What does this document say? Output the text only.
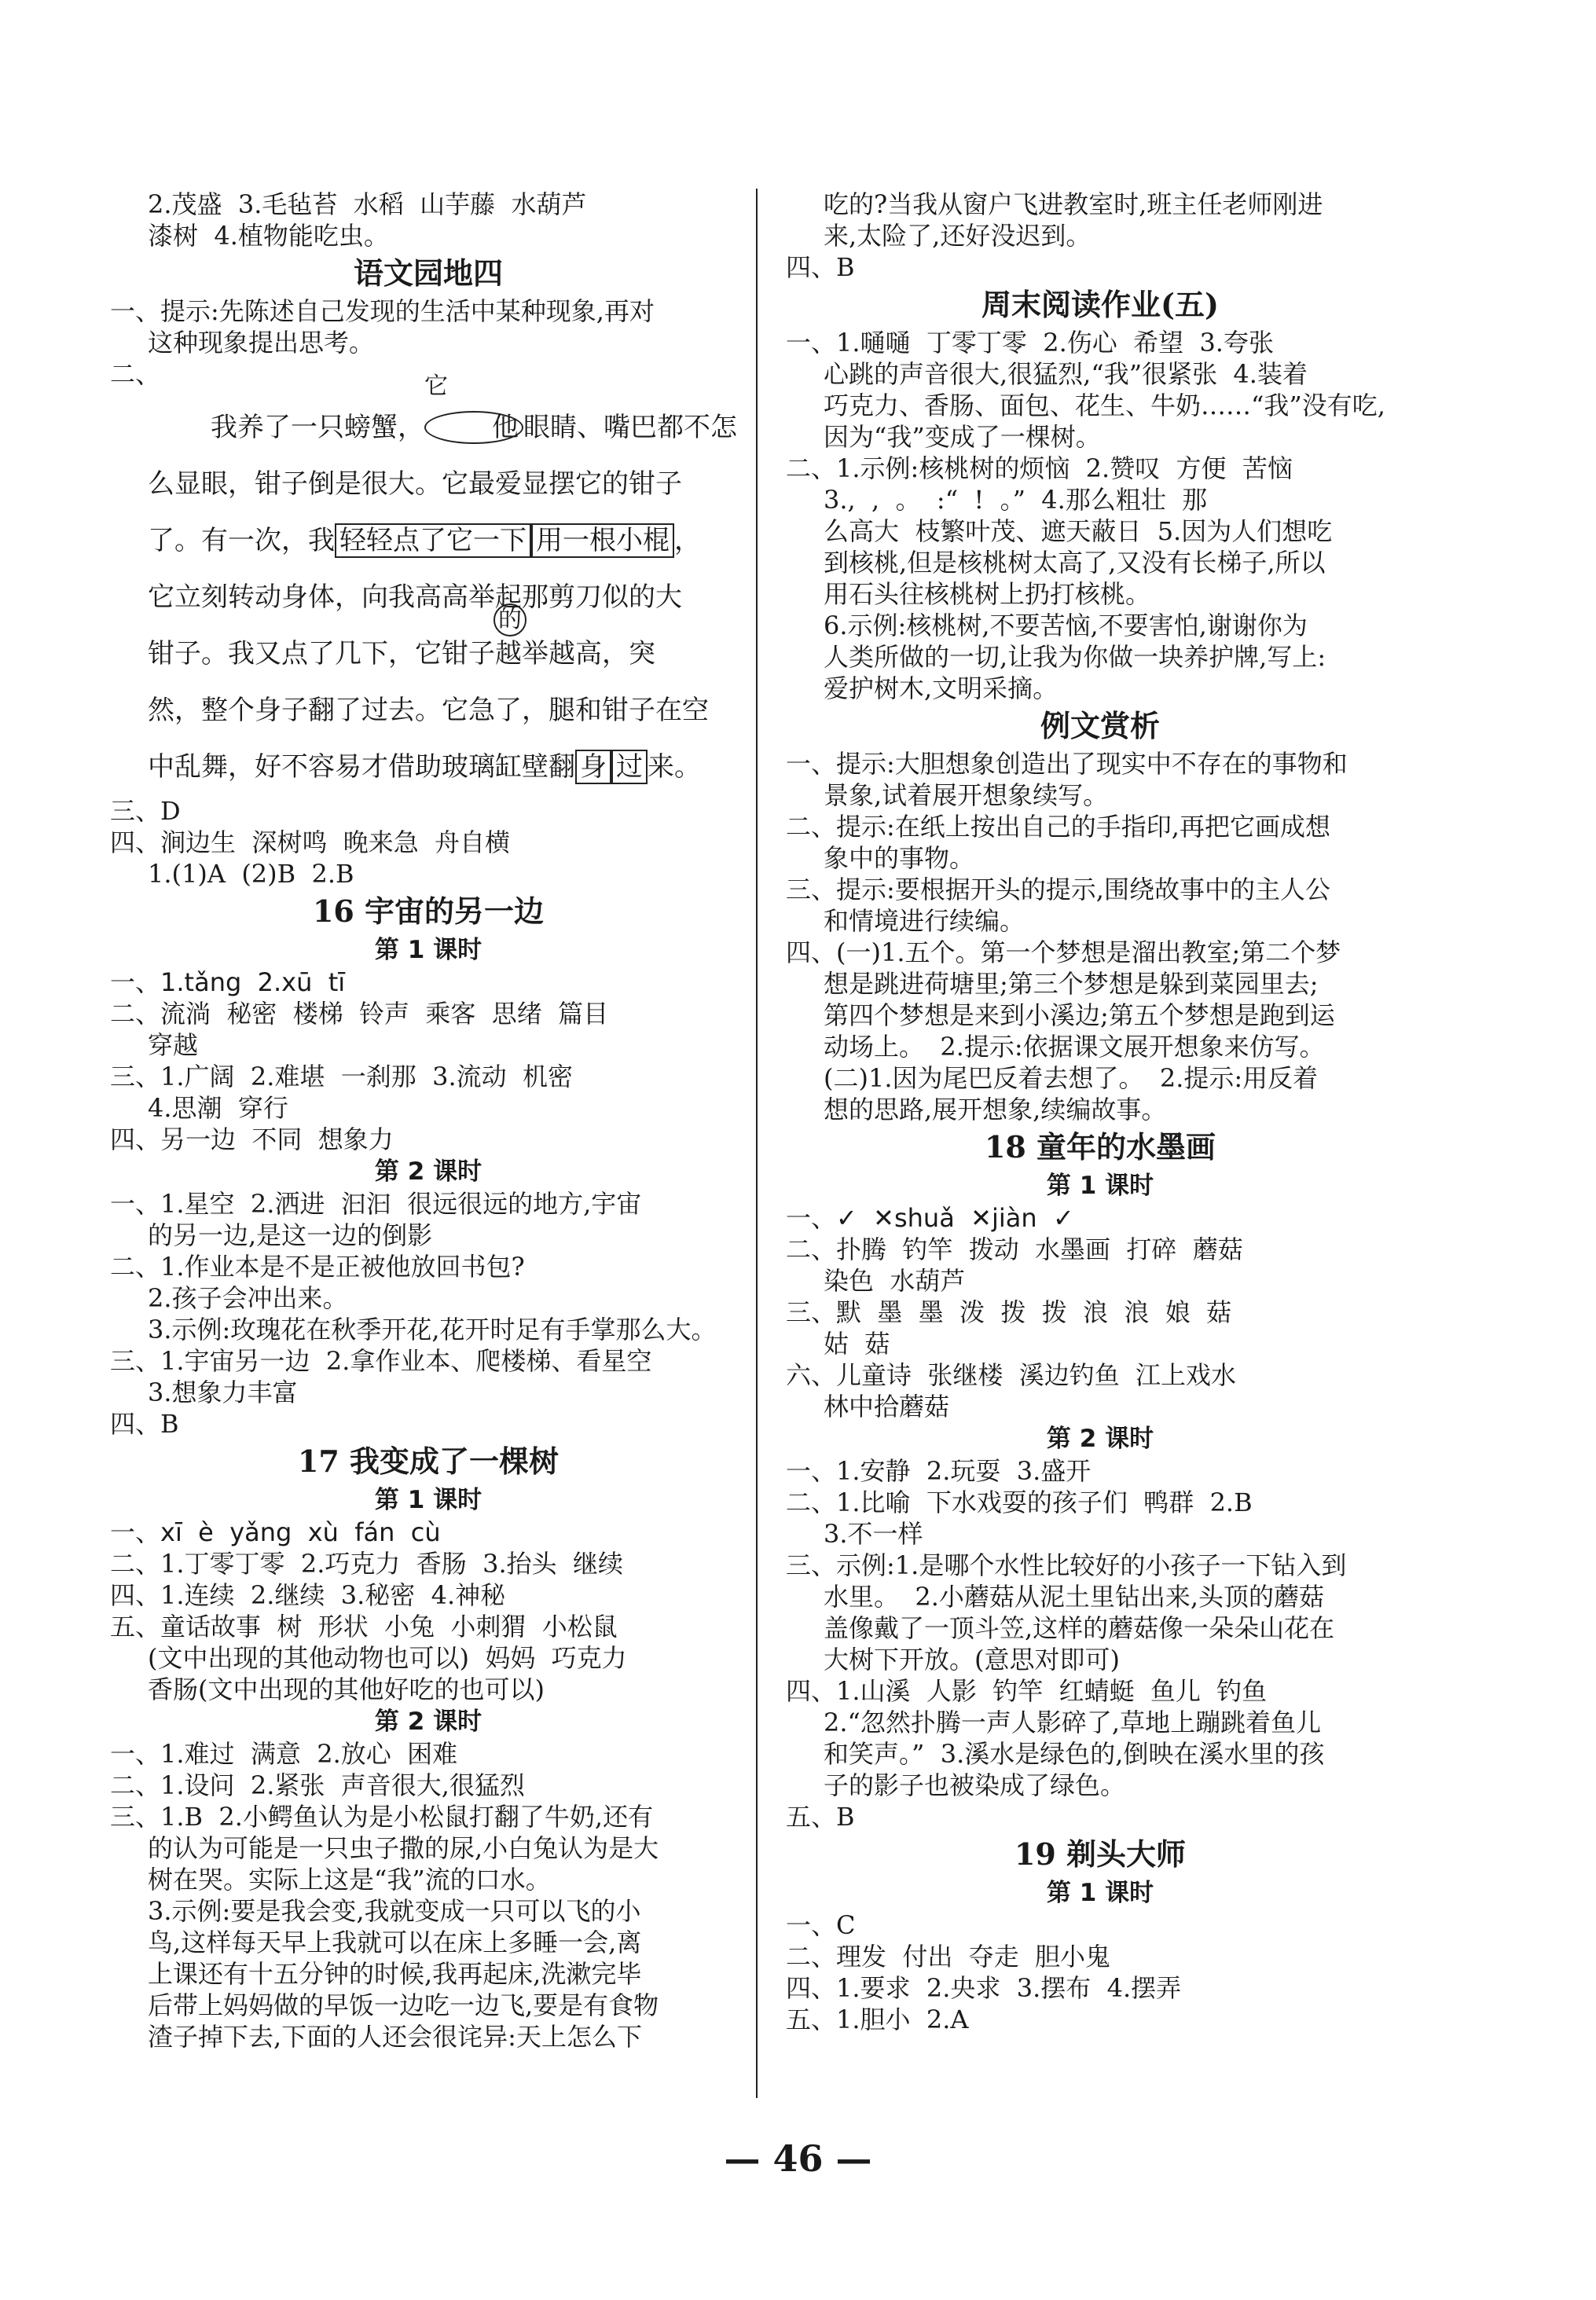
2.茂盛  3.毛毡苔  水稻  山芋藤  水葫芦
漆树  4.植物能吃虫。
语文园地四
一、提示:先陈述自己发现的生活中某种现象,再对
这种现象提出思考。
二、	它
我养了一只螃蟹，	他 眼睛、嘴巴都不怎
么显眼，钳子倒是很大。它最爱显摆它的钳子
了。有一次，我 轻轻点了它一下 用一根小棍 ，
它立刻转动身体，向我高高举起那剪刀似的大
的
钳子。我又点了几下，它钳子越举越高，突
然，整个身子翻了过去。它急了，腿和钳子在空
中乱舞，好不容易才借助玻璃缸壁翻 身 过 来。
三、D
四、涧边生  深树鸣  晚来急  舟自横
1.(1)A  (2)B  2.B
16 宇宙的另一边
第 1 课时
一、1.tǎng  2.xū  tī
二、流淌  秘密  楼梯  铃声  乘客  思绪  篇目
穿越
三、1.广阔  2.难堪  一刹那  3.流动  机密
4.思潮  穿行
四、另一边  不同  想象力
第 2 课时
一、1.星空  2.洒进  汩汩  很远很远的地方,宇宙
的另一边,是这一边的倒影
二、1.作业本是不是正被他放回书包?
2.孩子会冲出来。
3.示例:玫瑰花在秋季开花,花开时足有手掌那么大。
三、1.宇宙另一边  2.拿作业本、爬楼梯、看星空
3.想象力丰富
四、B
17 我变成了一棵树
第 1 课时
一、xī  è  yǎng  xù  fán  cù
二、1.丁零丁零  2.巧克力  香肠  3.抬头  继续
四、1.连续  2.继续  3.秘密  4.神秘
五、童话故事  树  形状  小兔  小刺猬  小松鼠
(文中出现的其他动物也可以)  妈妈  巧克力
香肠(文中出现的其他好吃的也可以)
第 2 课时
一、1.难过  满意  2.放心  困难
二、1.设问  2.紧张  声音很大,很猛烈
三、1.B  2.小鳄鱼认为是小松鼠打翻了牛奶,还有
的认为可能是一只虫子撒的尿,小白兔认为是大
树在哭。实际上这是“我”流的口水。
3.示例:要是我会变,我就变成一只可以飞的小
鸟,这样每天早上我就可以在床上多睡一会,离
上课还有十五分钟的时候,我再起床,洗漱完毕
后带上妈妈做的早饭一边吃一边飞,要是有食物
渣子掉下去,下面的人还会很诧异:天上怎么下
吃的?当我从窗户飞进教室时,班主任老师刚进
来,太险了,还好没迟到。
四、B
周末阅读作业(五)
一、1.嗵嗵  丁零丁零  2.伤心  希望  3.夸张
心跳的声音很大,很猛烈,“我”很紧张  4.装着
巧克力、香肠、面包、花生、牛奶……“我”没有吃,
因为“我”变成了一棵树。
二、1.示例:核桃树的烦恼  2.赞叹  方便  苦恼
3.,  ,  。  :“  !  。”  4.那么粗壮  那
么高大  枝繁叶茂、遮天蔽日  5.因为人们想吃
到核桃,但是核桃树太高了,又没有长梯子,所以
用石头往核桃树上扔打核桃。
6.示例:核桃树,不要苦恼,不要害怕,谢谢你为
人类所做的一切,让我为你做一块养护牌,写上:
爱护树木,文明采摘。
例文赏析
一、提示:大胆想象创造出了现实中不存在的事物和
景象,试着展开想象续写。
二、提示:在纸上按出自己的手指印,再把它画成想
象中的事物。
三、提示:要根据开头的提示,围绕故事中的主人公
和情境进行续编。
四、(一)1.五个。第一个梦想是溜出教室;第二个梦
想是跳进荷塘里;第三个梦想是躲到菜园里去;
第四个梦想是来到小溪边;第五个梦想是跑到运
动场上。  2.提示:依据课文展开想象来仿写。
(二)1.因为尾巴反着去想了。  2.提示:用反着
想的思路,展开想象,续编故事。
18 童年的水墨画
第 1 课时
一、✓  ✕shuǎ  ✕jiàn  ✓
二、扑腾  钓竿  拨动  水墨画  打碎  蘑菇
染色  水葫芦
三、默  墨  墨  泼  拨  拨  浪  浪  娘  菇
姑  菇
六、儿童诗  张继楼  溪边钓鱼  江上戏水
林中拾蘑菇
第 2 课时
一、1.安静  2.玩耍  3.盛开
二、1.比喻  下水戏耍的孩子们  鸭群  2.B
3.不一样
三、示例:1.是哪个水性比较好的小孩子一下钻入到
水里。  2.小蘑菇从泥土里钻出来,头顶的蘑菇
盖像戴了一顶斗笠,这样的蘑菇像一朵朵山花在
大树下开放。(意思对即可)
四、1.山溪  人影  钓竿  红蜻蜓  鱼儿  钓鱼
2.“忽然扑腾一声人影碎了,草地上蹦跳着鱼儿
和笑声。”  3.溪水是绿色的,倒映在溪水里的孩
子的影子也被染成了绿色。
五、B
19 剃头大师
第 1 课时
一、C
二、理发  付出  夺走  胆小鬼
四、1.要求  2.央求  3.摆布  4.摆弄
五、1.胆小  2.A
— 46 —
